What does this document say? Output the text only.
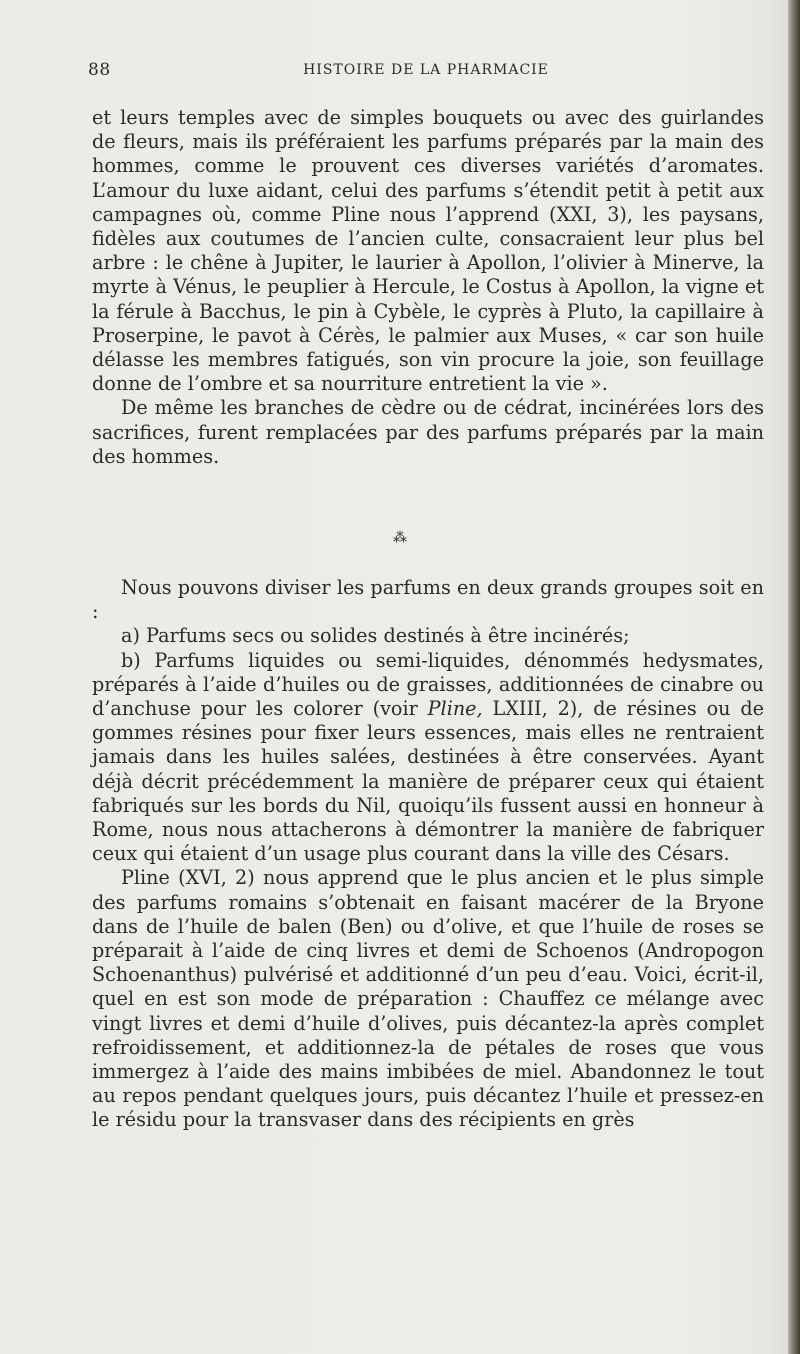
88	HISTOIRE DE LA PHARMACIE

et leurs temples avec de simples bouquets ou avec des guirlandes de fleurs, mais ils préféraient les parfums préparés par la main des hommes, comme le prouvent ces diverses variétés d’aromates. L’amour du luxe aidant, celui des parfums s’étendit petit à petit aux campagnes où, comme Pline nous l’apprend (XXI, 3), les paysans, fidèles aux coutumes de l’ancien culte, consacraient leur plus bel arbre : le chêne à Jupiter, le laurier à Apollon, l’olivier à Minerve, la myrte à Vénus, le peuplier à Hercule, le Costus à Apollon, la vigne et la férule à Bacchus, le pin à Cybèle, le cyprès à Pluto, la capillaire à Proserpine, le pavot à Cérès, le palmier aux Muses, « car son huile délasse les membres fatigués, son vin procure la joie, son feuillage donne de l’ombre et sa nourriture entretient la vie ».

De même les branches de cèdre ou de cédrat, incinérées lors des sacrifices, furent remplacées par des parfums préparés par la main des hommes.

⁂

Nous pouvons diviser les parfums en deux grands groupes soit en :

a) Parfums secs ou solides destinés à être incinérés;

b) Parfums liquides ou semi-liquides, dénommés hedysmates, préparés à l’aide d’huiles ou de graisses, additionnées de cinabre ou d’anchuse pour les colorer (voir Pline, LXIII, 2), de résines ou de gommes résines pour fixer leurs essences, mais elles ne rentraient jamais dans les huiles salées, destinées à être conservées. Ayant déjà décrit précédemment la manière de préparer ceux qui étaient fabriqués sur les bords du Nil, quoiqu’ils fussent aussi en honneur à Rome, nous nous attacherons à démontrer la manière de fabriquer ceux qui étaient d’un usage plus courant dans la ville des Césars.

Pline (XVI, 2) nous apprend que le plus ancien et le plus simple des parfums romains s’obtenait en faisant macérer de la Bryone dans de l’huile de balen (Ben) ou d’olive, et que l’huile de roses se préparait à l’aide de cinq livres et demi de Schoenos (Andropogon Schoenanthus) pulvérisé et additionné d’un peu d’eau. Voici, écrit-il, quel en est son mode de préparation : Chauffez ce mélange avec vingt livres et demi d’huile d’olives, puis décantez-la après complet refroidissement, et additionnez-la de pétales de roses que vous immergez à l’aide des mains imbibées de miel. Abandonnez le tout au repos pendant quelques jours, puis décantez l’huile et pressez-en le résidu pour la transvaser dans des récipients en grès
